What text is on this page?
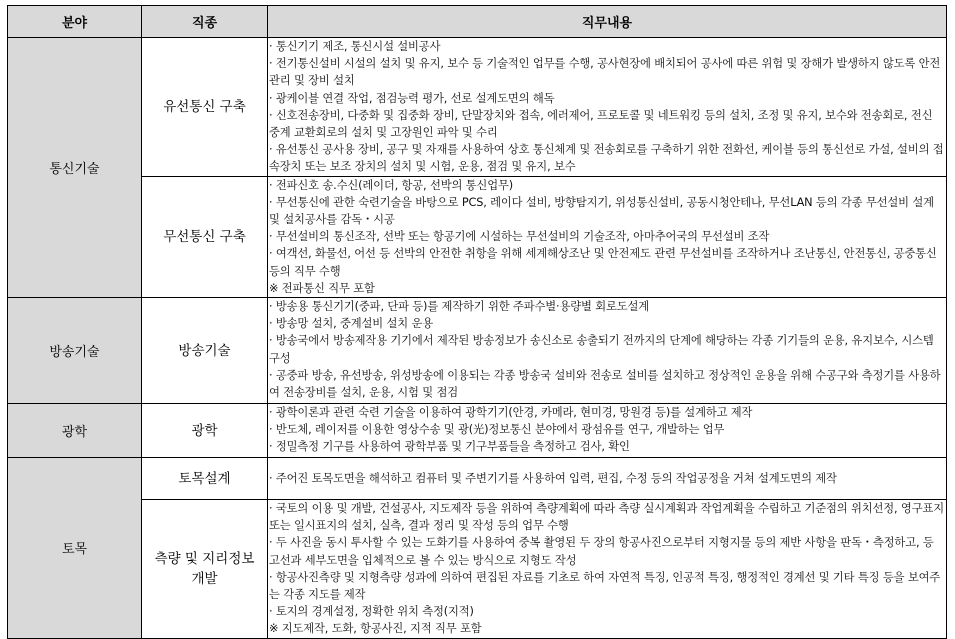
분야	직종	직무내용
통신기술	유선통신 구축	· 통신기기 제조, 통신시설 설비공사
· 전기통신설비 시설의 설치 및 유지, 보수 등 기술적인 업무를 수행, 공사현장에 배치되어 공사에 따른 위험 및 장해가 발생하지 않도록 안전관리 및 장비 설치
· 광케이블 연결 작업, 점검능력 평가, 선로 설계도면의 해독
· 신호전송장비, 다중화 및 집중화 장비, 단말장치와 접속, 에러제어, 프로토콜 및 네트워킹 등의 설치, 조정 및 유지, 보수와 전송회로, 전신 중계 교환회로의 설치 및 고장원인 파악 및 수리
· 유선통신 공사용 장비, 공구 및 자재를 사용하여 상호 통신체계 및 전송회로를 구축하기 위한 전화선, 케이블 등의 통신선로 가설, 설비의 접속장치 또는 보조 장치의 설치 및 시험, 운용, 점검 및 유지, 보수

	무선통신 구축	· 전파신호 송.수신(레이더, 항공, 선박의 통신업무)
· 무선통신에 관한 숙련기술을 바탕으로 PCS, 레이다 설비, 방향탐지기, 위성통신설비, 공동시청안테나, 무선LAN 등의 각종 무선설비 설계 및 설치공사를 감독・시공
· 무선설비의 통신조작, 선박 또는 항공기에 시설하는 무선설비의 기술조작, 아마추어국의 무선설비 조작
· 여객선, 화물선, 어선 등 선박의 안전한 취항을 위해 세계해상조난 및 안전제도 관련 무선설비를 조작하거나 조난통신, 안전통신, 공중통신 등의 직무 수행
※ 전파통신 직무 포함

방송기술	방송기술	· 방송용 통신기기(중파, 단파 등)를 제작하기 위한 주파수별·용량별 회로도설계
· 방송망 설치, 중계설비 설치 운용
· 방송국에서 방송제작용 기기에서 제작된 방송정보가 송신소로 송출되기 전까지의 단계에 해당하는 각종 기기들의 운용, 유지보수, 시스템구성
· 공중파 방송, 유선방송, 위성방송에 이용되는 각종 방송국 설비와 전송로 설비를 설치하고 정상적인 운용을 위해 수공구와 측정기를 사용하여 전송장비를 설치, 운용, 시험 및 점검

광학	광학	· 광학이론과 관련 숙련 기술을 이용하여 광학기기(안경, 카메라, 현미경, 망원경 등)를 설계하고 제작
· 반도체, 레이저를 이용한 영상수송 및 광(光)정보통신 분야에서 광섬유를 연구, 개발하는 업무
· 정밀측정 기구를 사용하여 광학부품 및 기구부품들을 측정하고 검사, 확인

토목	토목설계	· 주어진 토목도면을 해석하고 컴퓨터 및 주변기기를 사용하여 입력, 편집, 수정 등의 작업공정을 거쳐 설계도면의 제작

	측량 및 지리정보 개발	· 국토의 이용 및 개발, 건설공사, 지도제작 등을 위하여 측량계획에 따라 측량 실시계획과 작업계획을 수립하고 기준점의 위치선정, 영구표지 또는 일시표지의 설치, 실측, 결과 정리 및 작성 등의 업무 수행
· 두 사진을 동시 투사할 수 있는 도화기를 사용하여 중복 촬영된 두 장의 항공사진으로부터 지형지물 등의 제반 사항을 판독・측정하고, 등고선과 세부도면을 입체적으로 볼 수 있는 방식으로 지형도 작성
· 항공사진측량 및 지형측량 성과에 의하여 편집된 자료를 기초로 하여 자연적 특징, 인공적 특징, 행정적인 경계선 및 기타 특징 등을 보여주는 각종 지도를 제작
· 토지의 경계설정, 정확한 위치 측정(지적)
※ 지도제작, 도화, 항공사진, 지적 직무 포함
